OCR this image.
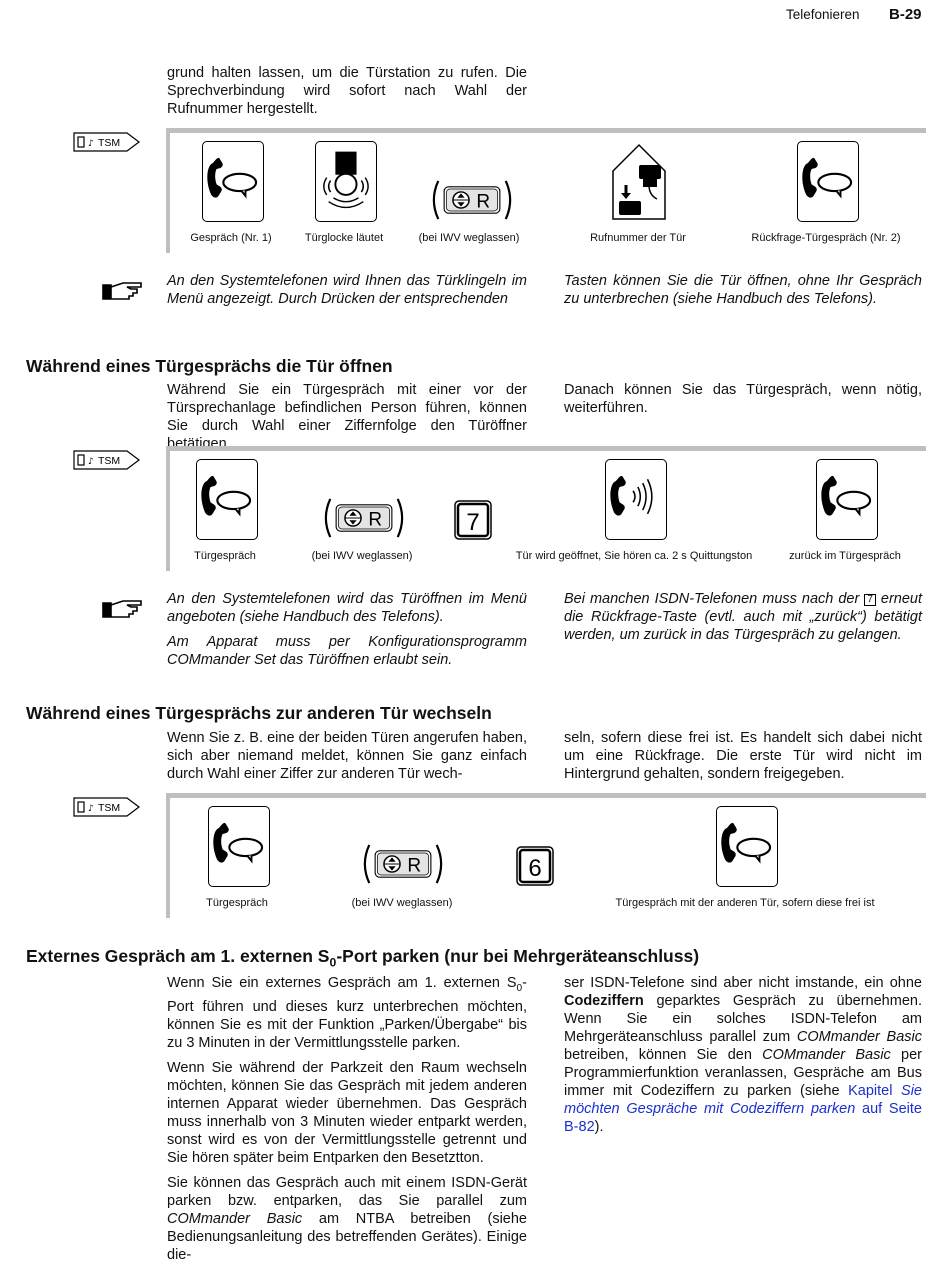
Telefonieren B-29
grund halten lassen, um die Türstation zu rufen. Die Sprechverbindung wird sofort nach Wahl der Rufnummer hergestellt.
♪ TSM
R
Gespräch (Nr. 1)	Türglocke läutet	(bei IWV weglassen)	Rufnummer der Tür	Rückfrage-Türgespräch (Nr. 2)
An den Systemtelefonen wird Ihnen das Türklingeln im Menü angezeigt. Durch Drücken der entsprechenden
Tasten können Sie die Tür öffnen, ohne Ihr Gespräch zu unterbrechen (siehe Handbuch des Telefons).
Während eines Türgesprächs die Tür öffnen
Während Sie ein Türgespräch mit einer vor der Türsprechanlage befindlichen Person führen, können Sie durch Wahl einer Ziffernfolge den Türöffner betätigen.
Danach können Sie das Türgespräch, wenn nötig, weiterführen.
♪ TSM
R	7
Türgespräch	(bei IWV weglassen)	Tür wird geöffnet, Sie hören ca. 2 s Quittungston	zurück im Türgespräch

An den Systemtelefonen wird das Türöffnen im Menü angeboten (siehe Handbuch des Telefons).

Am Apparat muss per Konfigurationsprogramm COMmander Set das Türöffnen erlaubt sein.

Bei manchen ISDN-Telefonen muss nach der 7 erneut die Rückfrage-Taste (evtl. auch mit „zurück“) betätigt werden, um zurück in das Türgespräch zu gelangen.
Während eines Türgesprächs zur anderen Tür wechseln
Wenn Sie z. B. eine der beiden Türen angerufen haben, sich aber niemand meldet, können Sie ganz einfach durch Wahl einer Ziffer zur anderen Tür wech-
seln, sofern diese frei ist. Es handelt sich dabei nicht um eine Rückfrage. Die erste Tür wird nicht im Hintergrund gehalten, sondern freigegeben.
♪ TSM
R	6
Türgespräch	(bei IWV weglassen)	Türgespräch mit der anderen Tür, sofern diese frei ist
Externes Gespräch am 1. externen $S_0$-Port parken (nur bei Mehrgeräteanschluss)

Wenn Sie ein externes Gespräch am 1. externen $S_0$-Port führen und dieses kurz unterbrechen möchten, können Sie es mit der Funktion „Parken/Übergabe“ bis zu 3 Minuten in der Vermittlungsstelle parken.

Wenn Sie während der Parkzeit den Raum wechseln möchten, können Sie das Gespräch mit jedem anderen internen Apparat wieder übernehmen. Das Gespräch muss innerhalb von 3 Minuten wieder entparkt werden, sonst wird es von der Vermittlungsstelle getrennt und Sie hören später beim Entparken den Besetztton.

Sie können das Gespräch auch mit einem ISDN-Gerät parken bzw. entparken, das Sie parallel zum COMmander Basic am NTBA betreiben (siehe Bedienungsanleitung des betreffenden Gerätes). Einige die-

ser ISDN-Telefone sind aber nicht imstande, ein ohne Codeziffern geparktes Gespräch zu übernehmen. Wenn Sie ein solches ISDN-Telefon am Mehrgeräteanschluss parallel zum COMmander Basic betreiben, können Sie den COMmander Basic per Programmierfunktion veranlassen, Gespräche am Bus immer mit Codeziffern zu parken (siehe Kapitel Sie möchten Gespräche mit Codeziffern parken auf Seite B-82).
